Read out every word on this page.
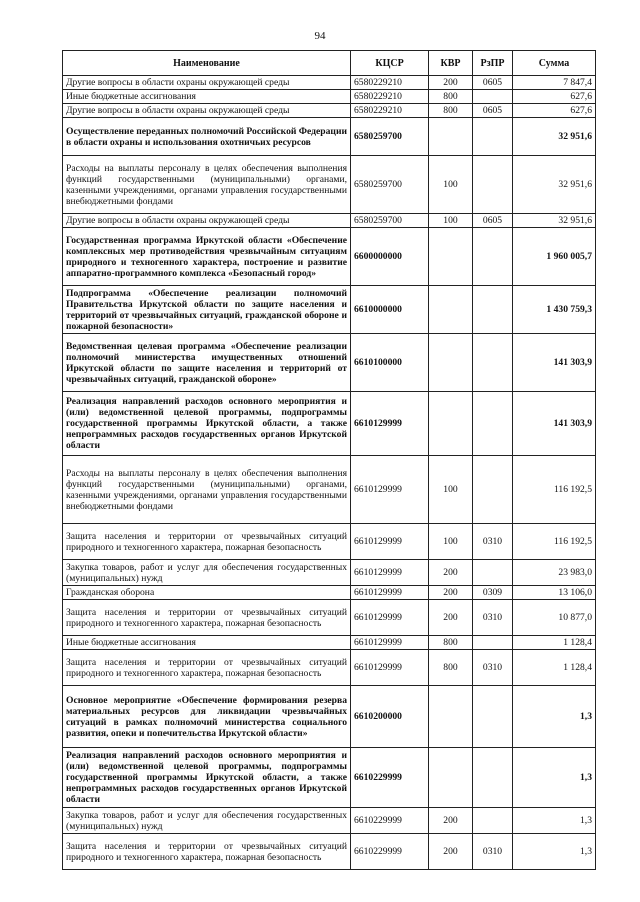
94
Наименование	КЦСР	КВР	РзПР	Сумма
Другие вопросы в области охраны окружающей среды	6580229210	200	0605	7 847,4
Иные бюджетные ассигнования	6580229210	800		627,6
Другие вопросы в области охраны окружающей среды	6580229210	800	0605	627,6
Осуществление переданных полномочий Российской Федерации в области охраны и использования охотничьих ресурсов	6580259700			32 951,6
Расходы на выплаты персоналу в целях обеспечения выполнения функций государственными (муниципальными) органами, казенными учреждениями, органами управления государственными внебюджетными фондами	6580259700	100		32 951,6
Другие вопросы в области охраны окружающей среды	6580259700	100	0605	32 951,6
Государственная программа Иркутской области «Обеспечение комплексных мер противодействия чрезвычайным ситуациям природного и техногенного характера, построение и развитие аппаратно-программного комплекса «Безопасный город»	6600000000			1 960 005,7
Подпрограмма «Обеспечение реализации полномочий Правительства Иркутской области по защите населения и территорий от чрезвычайных ситуаций, гражданской обороне и пожарной безопасности»	6610000000			1 430 759,3
Ведомственная целевая программа «Обеспечение реализации полномочий министерства имущественных отношений Иркутской области по защите населения и территорий от чрезвычайных ситуаций, гражданской обороне»	6610100000			141 303,9
Реализация направлений расходов основного мероприятия и (или) ведомственной целевой программы, подпрограммы государственной программы Иркутской области, а также непрограммных расходов государственных органов Иркутской области	6610129999			141 303,9
Расходы на выплаты персоналу в целях обеспечения выполнения функций государственными (муниципальными) органами, казенными учреждениями, органами управления государственными внебюджетными фондами	6610129999	100		116 192,5
Защита населения и территории от чрезвычайных ситуаций природного и техногенного характера, пожарная безопасность	6610129999	100	0310	116 192,5
Закупка товаров, работ и услуг для обеспечения государственных (муниципальных) нужд	6610129999	200		23 983,0
Гражданская оборона	6610129999	200	0309	13 106,0
Защита населения и территории от чрезвычайных ситуаций природного и техногенного характера, пожарная безопасность	6610129999	200	0310	10 877,0
Иные бюджетные ассигнования	6610129999	800		1 128,4
Защита населения и территории от чрезвычайных ситуаций природного и техногенного характера, пожарная безопасность	6610129999	800	0310	1 128,4
Основное мероприятие «Обеспечение формирования резерва материальных ресурсов для ликвидации чрезвычайных ситуаций в рамках полномочий министерства социального развития, опеки и попечительства Иркутской области»	6610200000			1,3
Реализация направлений расходов основного мероприятия и (или) ведомственной целевой программы, подпрограммы государственной программы Иркутской области, а также непрограммных расходов государственных органов Иркутской области	6610229999			1,3
Закупка товаров, работ и услуг для обеспечения государственных (муниципальных) нужд	6610229999	200		1,3
Защита населения и территории от чрезвычайных ситуаций природного и техногенного характера, пожарная безопасность	6610229999	200	0310	1,3
